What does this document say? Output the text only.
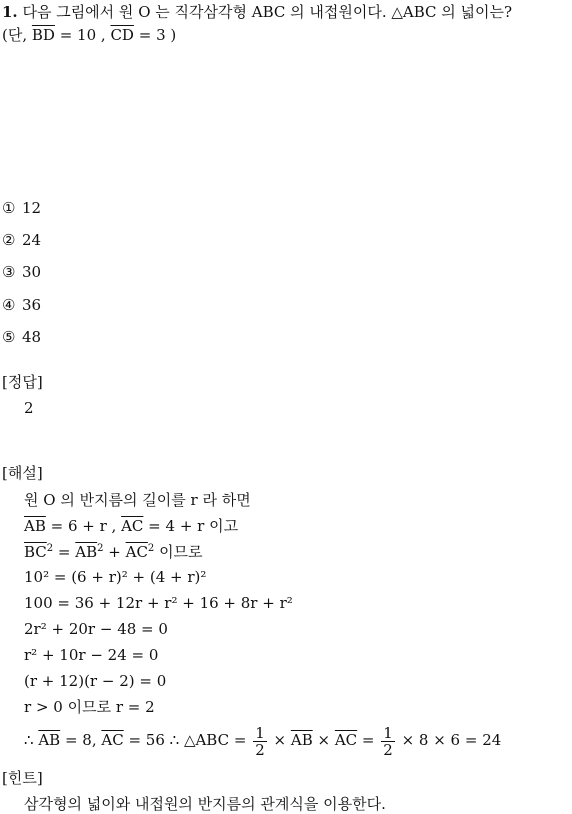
1. 다음 그림에서 원 O 는 직각삼각형 ABC 의 내접원이다. △ABC 의 넓이는?
(단, $\overline{BD} = 10$ , $\overline{CD} = 3$ )
① 12
② 24
③ 30
④ 36
⑤ 48
[정답]
2
[해설]
원 O 의 반지름의 길이를 r 라 하면
$\overline{AB} = 6 + r$ , $\overline{AC} = 4 + r$ 이고
$\overline{BC}^2 = \overline{AB}^2 + \overline{AC}^2$ 이므로
10² = (6 + r)² + (4 + r)²
100 = 36 + 12r + r² + 16 + 8r + r²
2r² + 20r − 48 = 0
r² + 10r − 24 = 0
(r + 12)(r − 2) = 0
r > 0 이므로 r = 2
∴ $\overline{AB} = 8$, $\overline{AC} = 56$ ∴ △ABC = $\frac{1}{2} \times \overline{AB} \times \overline{AC} = \frac{1}{2} \times 8 \times 6 = 24$
[힌트]
삼각형의 넓이와 내접원의 반지름의 관계식을 이용한다.
